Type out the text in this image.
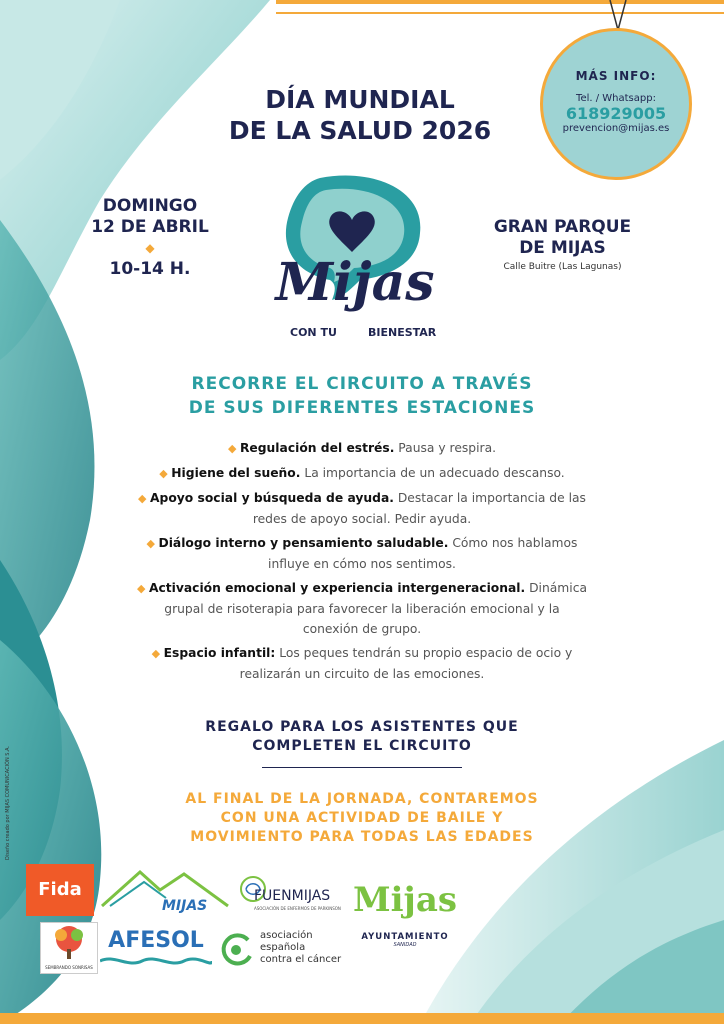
MÁS INFO:
Tel. / Whatsapp:
618929005
prevencion@mijas.es
DÍA MUNDIAL
DE LA SALUD 2026
DOMINGO
12 DE ABRIL
◆
10-14 H.
GRAN PARQUE
DE MIJAS
Calle Buitre (Las Lagunas)
Mijas
CON TU	BIENESTAR
RECORRE EL CIRCUITO A TRAVÉS
DE SUS DIFERENTES ESTACIONES
◆ Regulación del estrés. Pausa y respira.
◆ Higiene del sueño. La importancia de un adecuado descanso.
◆ Apoyo social y búsqueda de ayuda. Destacar la importancia de las redes de apoyo social. Pedir ayuda.
◆ Diálogo interno y pensamiento saludable. Cómo nos hablamos influye en cómo nos sentimos.
◆ Activación emocional y experiencia intergeneracional. Dinámica grupal de risoterapia para favorecer la liberación emocional y la conexión de grupo.
◆ Espacio infantil: Los peques tendrán su propio espacio de ocio y realizarán un circuito de las emociones.
REGALO PARA LOS ASISTENTES QUE
COMPLETEN EL CIRCUITO
AL FINAL DE LA JORNADA, CONTAREMOS
CON UNA ACTIVIDAD DE BAILE Y
MOVIMIENTO PARA TODAS LAS EDADES
Diseño creado por MIJAS COMUNICACIÓN S.A.
Fida
MIJAS
FUENMIJAS
ASOCIACIÓN DE ENFERMOS DE PARKINSON Mijas
AYUNTAMIENTO
SANIDAD
SEMBRANDO SONRISAS
AFESOL	asociación
española
contra el cáncer
